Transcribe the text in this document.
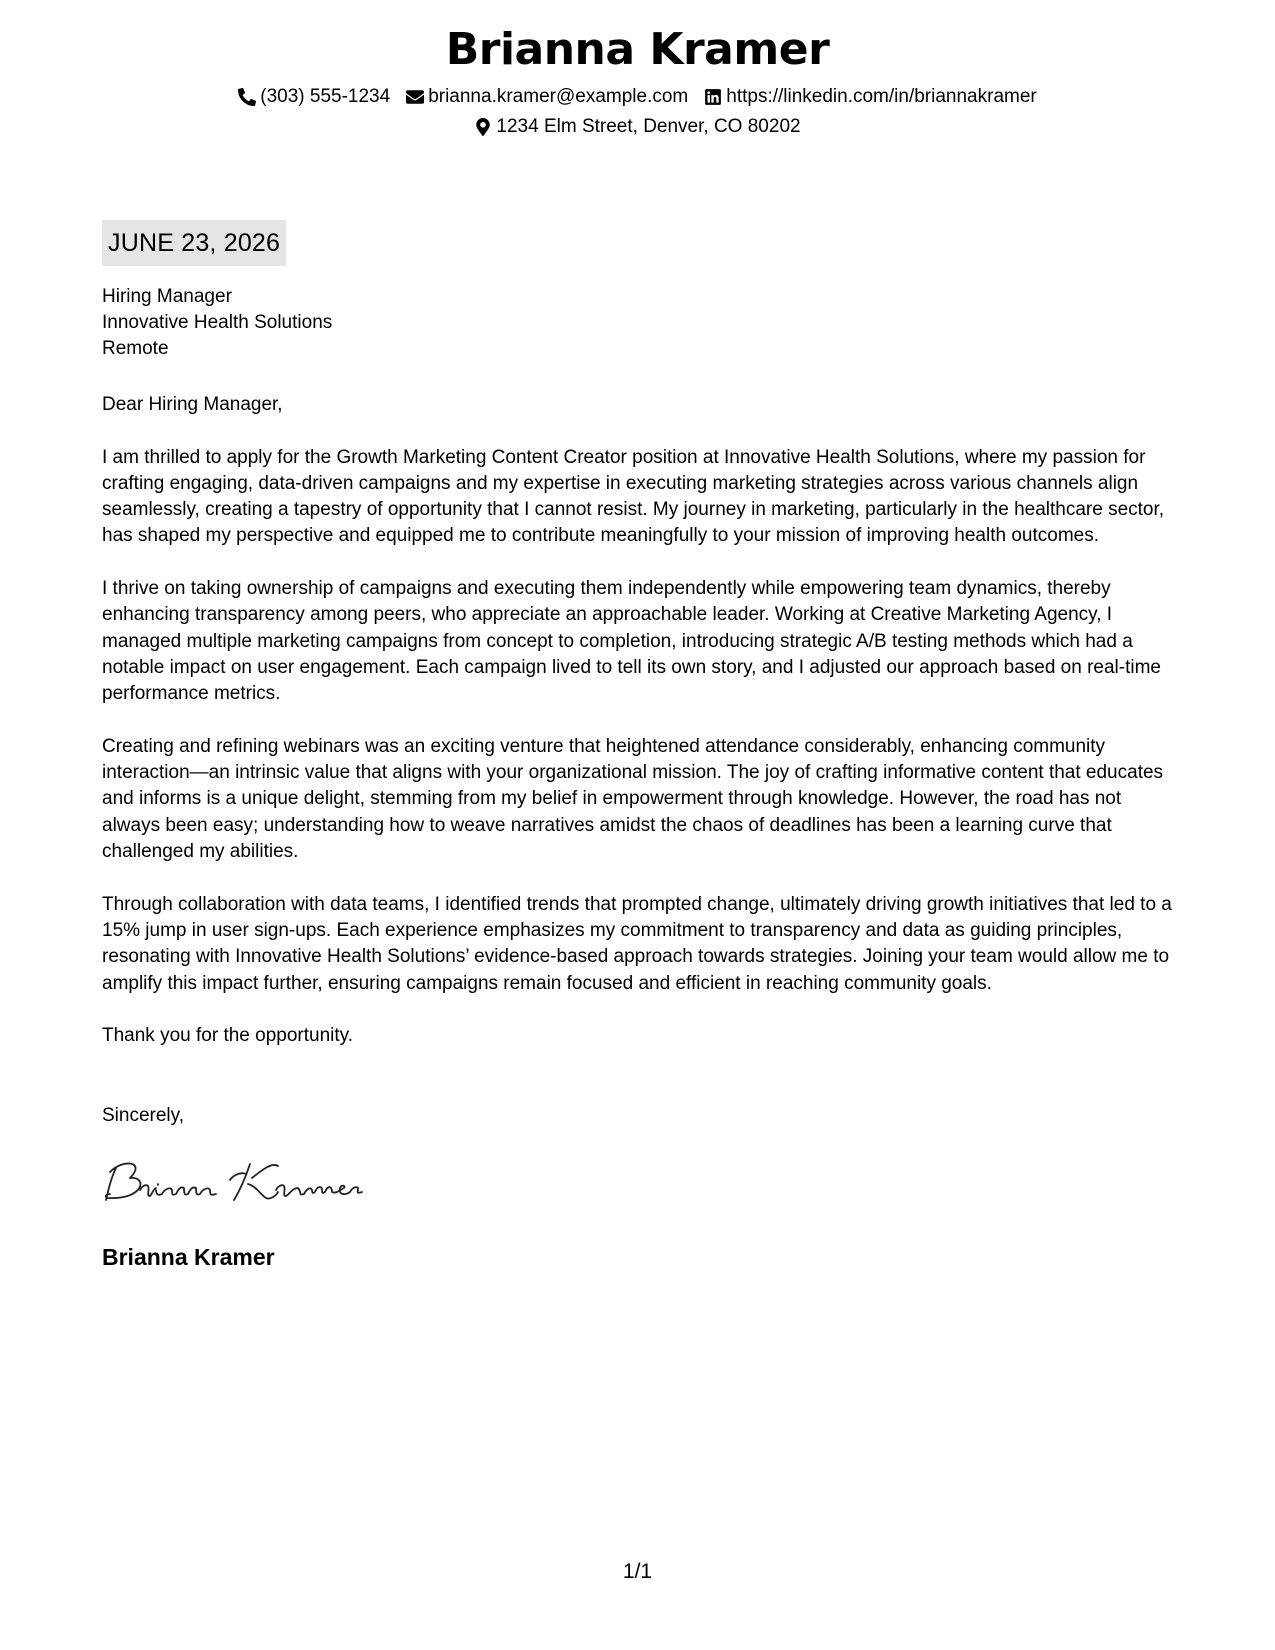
Brianna Kramer
(303) 555-1234 brianna.kramer@example.com https://linkedin.com/in/briannakramer
1234 Elm Street, Denver, CO 80202
JUNE 23, 2026
Hiring Manager
Innovative Health Solutions
Remote

Dear Hiring Manager,

I am thrilled to apply for the Growth Marketing Content Creator position at Innovative Health Solutions, where my passion for crafting engaging, data-driven campaigns and my expertise in executing marketing strategies across various channels align seamlessly, creating a tapestry of opportunity that I cannot resist. My journey in marketing, particularly in the healthcare sector, has shaped my perspective and equipped me to contribute meaningfully to your mission of improving health outcomes.

I thrive on taking ownership of campaigns and executing them independently while empowering team dynamics, thereby enhancing transparency among peers, who appreciate an approachable leader. Working at Creative Marketing Agency, I managed multiple marketing campaigns from concept to completion, introducing strategic A/B testing methods which had a notable impact on user engagement. Each campaign lived to tell its own story, and I adjusted our approach based on real-time performance metrics.

Creating and refining webinars was an exciting venture that heightened attendance considerably, enhancing community interaction—an intrinsic value that aligns with your organizational mission. The joy of crafting informative content that educates and informs is a unique delight, stemming from my belief in empowerment through knowledge. However, the road has not always been easy; understanding how to weave narratives amidst the chaos of deadlines has been a learning curve that challenged my abilities.

Through collaboration with data teams, I identified trends that prompted change, ultimately driving growth initiatives that led to a 15% jump in user sign-ups. Each experience emphasizes my commitment to transparency and data as guiding principles, resonating with Innovative Health Solutions’ evidence-based approach towards strategies. Joining your team would allow me to amplify this impact further, ensuring campaigns remain focused and efficient in reaching community goals.

Thank you for the opportunity.

Sincerely,
Brianna Kramer
1/1
